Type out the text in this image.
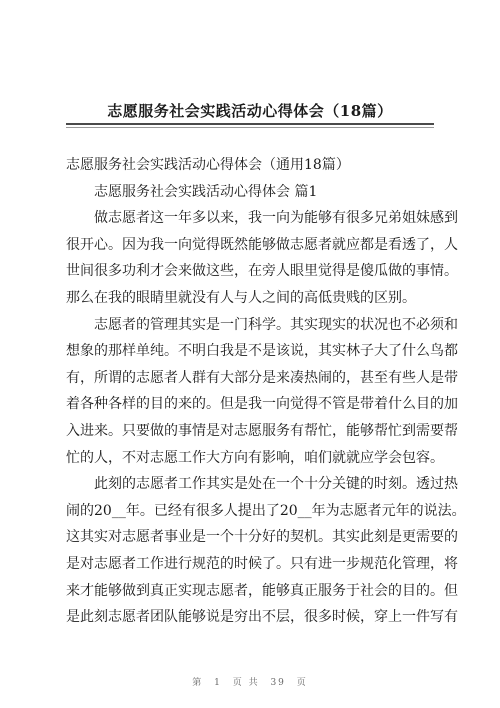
志愿服务社会实践活动心得体会（18篇）
志愿服务社会实践活动心得体会（通用18篇）
志愿服务社会实践活动心得体会 篇1
做志愿者这一年多以来，我一向为能够有很多兄弟姐妹感到
很开心。因为我一向觉得既然能够做志愿者就应都是看透了，人
世间很多功利才会来做这些，在旁人眼里觉得是傻瓜做的事情。
那么在我的眼睛里就没有人与人之间的高低贵贱的区别。
志愿者的管理其实是一门科学。其实现实的状况也不必须和
想象的那样单纯。不明白我是不是该说，其实林子大了什么鸟都
有，所谓的志愿者人群有大部分是来凑热闹的，甚至有些人是带
着各种各样的目的来的。但是我一向觉得不管是带着什么目的加
入进来。只要做的事情是对志愿服务有帮忙，能够帮忙到需要帮
忙的人，不对志愿工作大方向有影响，咱们就就应学会包容。
此刻的志愿者工作其实是处在一个十分关键的时刻。透过热
闹的20__年。已经有很多人提出了20__年为志愿者元年的说法。
这其实对志愿者事业是一个十分好的契机。其实此刻是更需要的
是对志愿者工作进行规范的时候了。只有进一步规范化管理，将
来才能够做到真正实现志愿者，能够真正服务于社会的目的。但
是此刻志愿者团队能够说是穷出不层，很多时候，穿上一件写有
第 1 页 共 39 页
